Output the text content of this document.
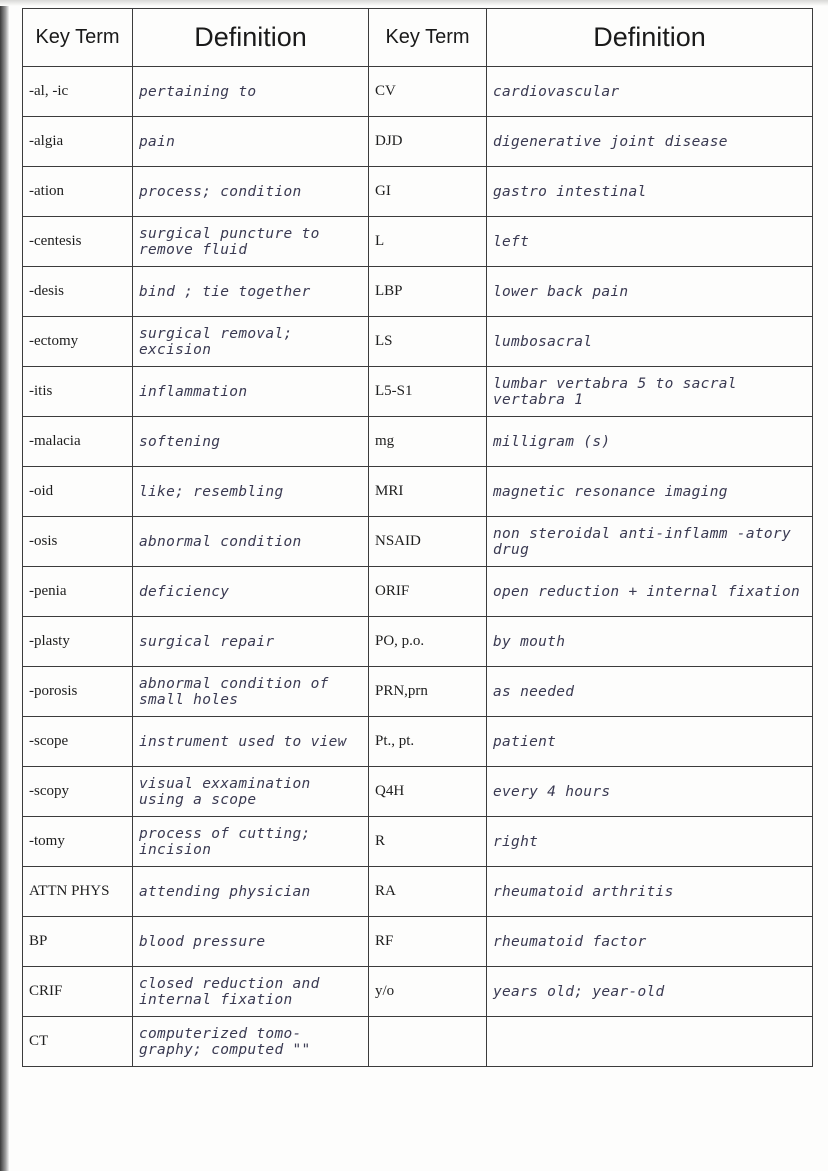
Key Term	Definition	Key Term	Definition
-al, -ic	pertaining to	CV	cardiovascular
-algia	pain	DJD	digenerative joint disease
-ation	process; condition	GI	gastro intestinal
-centesis	surgical puncture to remove fluid	L	left
-desis	bind ; tie together	LBP	lower back pain
-ectomy	surgical removal; excision	LS	lumbosacral
-itis	inflammation	L5-S1	lumbar vertabra 5 to sacral vertabra 1
-malacia	softening	mg	milligram (s)
-oid	like; resembling	MRI	magnetic resonance imaging
-osis	abnormal condition	NSAID	non steroidal anti-inflamm -atory drug
-penia	deficiency	ORIF	open reduction + internal fixation
-plasty	surgical repair	PO, p.o.	by mouth
-porosis	abnormal condition of small holes	PRN,prn	as needed
-scope	instrument used to view	Pt., pt.	patient
-scopy	visual exxamination using a scope	Q4H	every 4 hours
-tomy	process of cutting; incision	R	right
ATTN PHYS	attending physician	RA	rheumatoid arthritis
BP	blood pressure	RF	rheumatoid factor
CRIF	closed reduction and internal fixation	y/o	years old; year-old
CT	computerized tomo- graphy; computed ""		
